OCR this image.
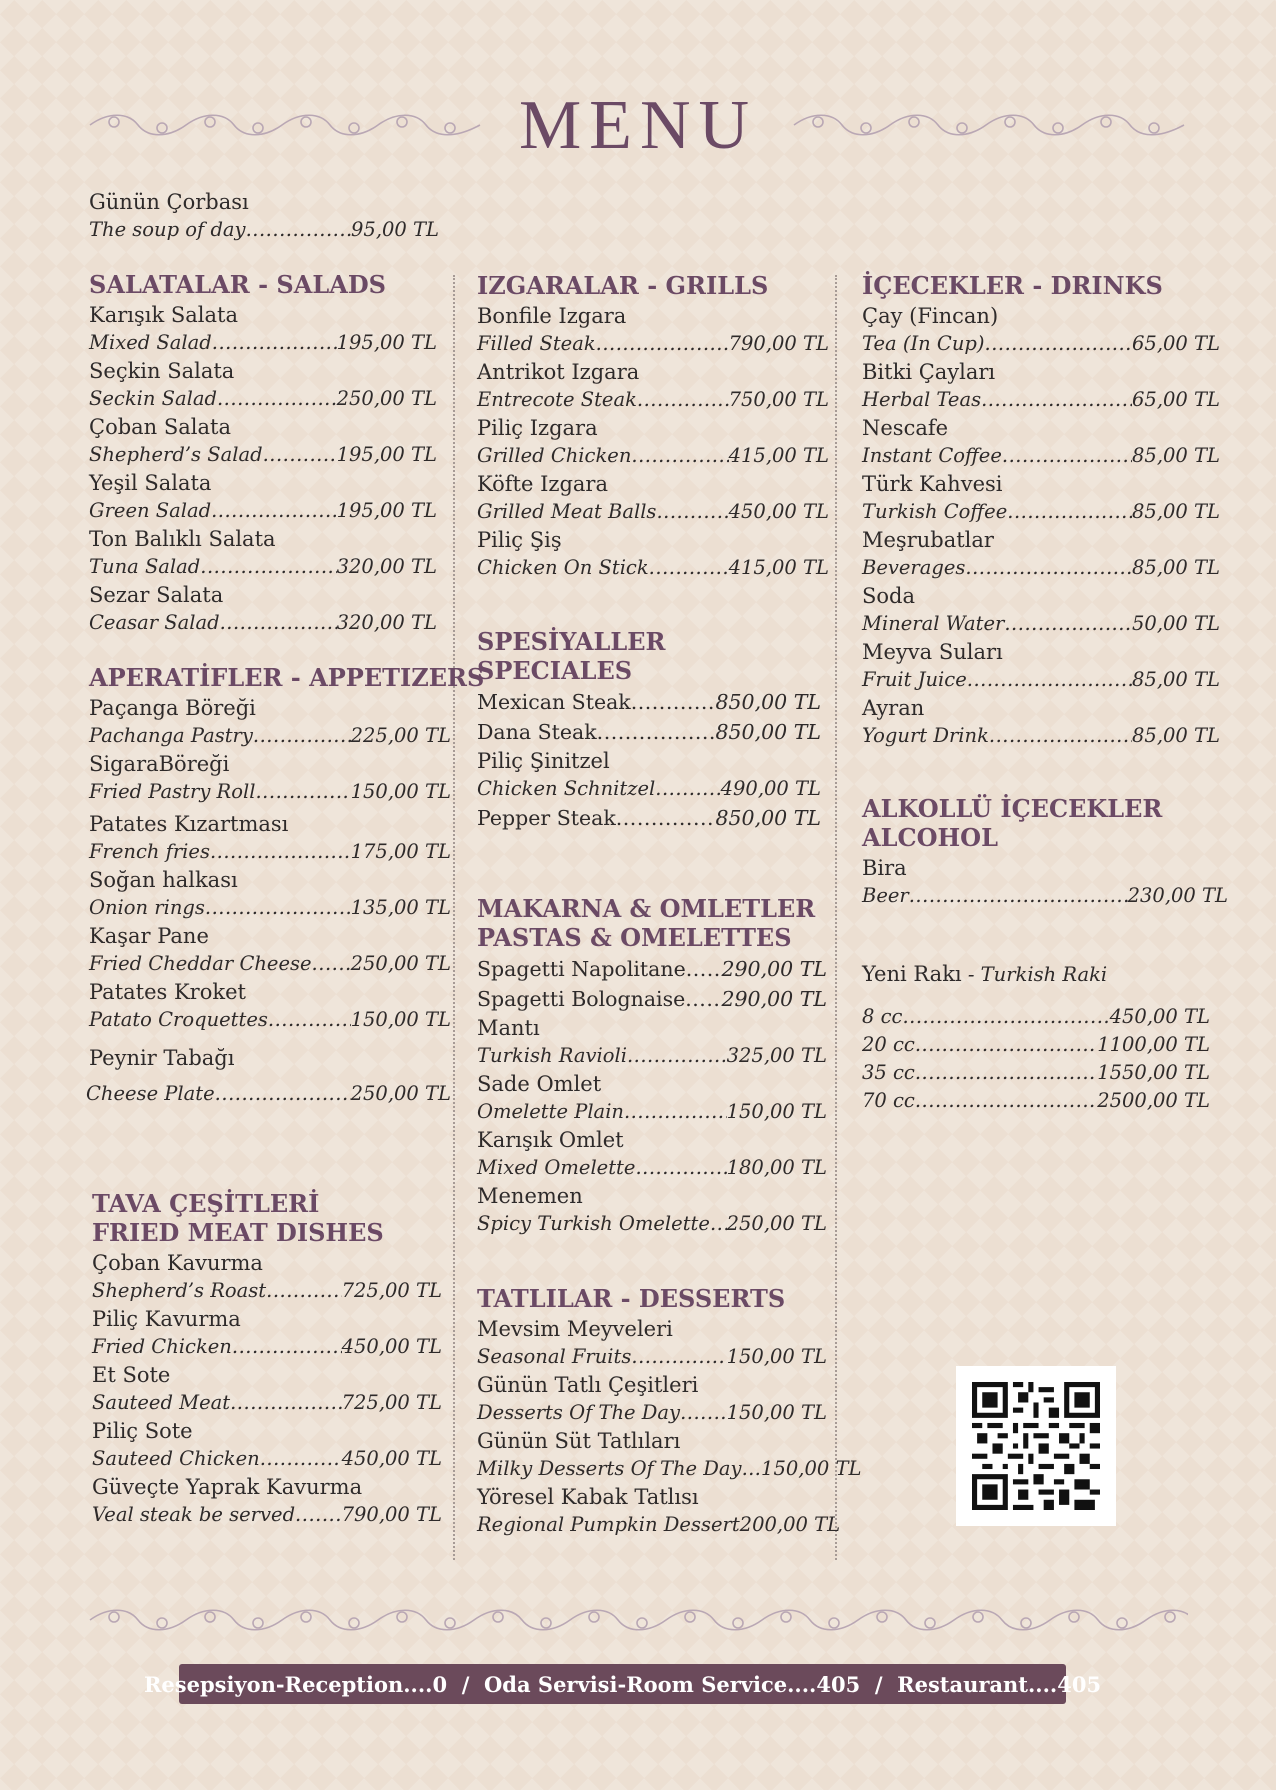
MENU
Günün Çorbası
The soup of day .....	95,00 TL
SALATALAR - SALADS
Karışık Salata
Mixed Salad .....	195,00 TL
Seçkin Salata
Seckin Salad .....	250,00 TL
Çoban Salata
Shepherd’s Salad .....	195,00 TL
Yeşil Salata
Green Salad .....	195,00 TL
Ton Balıklı Salata
Tuna Salad .....	320,00 TL
Sezar Salata
Ceasar Salad .....	320,00 TL
APERATİFLER - APPETIZERS
Paçanga Böreği
Pachanga Pastry .....	225,00 TL
SigaraBöreği
Fried Pastry Roll .....	150,00 TL
Patates Kızartması
French fries .....	175,00 TL
Soğan halkası
Onion rings .....	135,00 TL
Kaşar Pane
Fried Cheddar Cheese ..... 250,00 TL
Patates Kroket
Patato Croquettes .....	150,00 TL
Peynir Tabağı
Cheese Plate .....	250,00 TL
TAVA ÇEŞİTLERİ
FRIED MEAT DISHES
Çoban Kavurma
Shepherd’s Roast .....	725,00 TL
Piliç Kavurma
Fried Chicken .....	450,00 TL
Et Sote
Sauteed Meat .....	725,00 TL
Piliç Sote
Sauteed Chicken .....	450,00 TL
Güveçte Yaprak Kavurma
Veal steak be served ..... 790,00 TL
IZGARALAR - GRILLS
Bonfile Izgara
Filled Steak .....	790,00 TL
Antrikot Izgara
Entrecote Steak .....	750,00 TL
Piliç Izgara
Grilled Chicken .....	415,00 TL
Köfte Izgara
Grilled Meat Balls .....	450,00 TL
Piliç Şiş
Chicken On Stick .....	415,00 TL
SPESİYALLER
SPECIALES
Mexican Steak .....	850,00 TL
Dana Steak .....	850,00 TL
Piliç Şinitzel
Chicken Schnitzel .....	490,00 TL
Pepper Steak .....	850,00 TL
MAKARNA & OMLETLER
PASTAS & OMELETTES
Spagetti Napolitane ..... 290,00 TL
Spagetti Bolognaise ..... 290,00 TL
Mantı
Turkish Ravioli .....	325,00 TL
Sade Omlet
Omelette Plain .....	150,00 TL
Karışık Omlet
Mixed Omelette .....	180,00 TL
Menemen
Spicy Turkish Omelette ..... 250,00 TL
TATLILAR - DESSERTS
Mevsim Meyveleri
Seasonal Fruits .....	150,00 TL
Günün Tatlı Çeşitleri
Desserts Of The Day ..... 150,00 TL
Günün Süt Tatlıları
Milky Desserts Of The Day… 150,00 TL
Yöresel Kabak Tatlısı
Regional Pumpkin Dessert 200,00 TL
İÇECEKLER - DRINKS
Çay (Fincan)
Tea (In Cup) .....	65,00 TL
Bitki Çayları
Herbal Teas .....	65,00 TL
Nescafe
Instant Coffee .....	85,00 TL
Türk Kahvesi
Turkish Coffee .....	85,00 TL
Meşrubatlar
Beverages .....	85,00 TL
Soda
Mineral Water .....	50,00 TL
Meyva Suları
Fruit Juice .....	85,00 TL
Ayran
Yogurt Drink .....	85,00 TL
ALKOLLÜ İÇECEKLER
ALCOHOL
Bira
Beer .....	230,00 TL
Yeni Rakı - Turkish Raki
8 cc .....	450,00 TL
20 cc .....	1100,00 TL
35 cc .....	1550,00 TL
70 cc .....	2500,00 TL
Resepsiyon-Reception....0 / Oda Servisi-Room Service....405 / Restaurant....405
